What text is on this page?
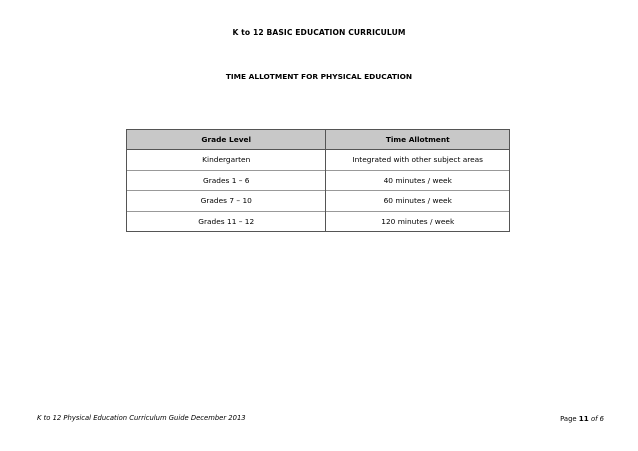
K to 12 BASIC EDUCATION CURRICULUM
TIME ALLOTMENT FOR PHYSICAL EDUCATION
Grade Level	Time Allotment
Kindergarten	Integrated with other subject areas
Grades 1 – 6	40 minutes / week
Grades 7 – 10	60 minutes / week
Grades 11 – 12	120 minutes / week
K to 12 Physical Education Curriculum Guide December 2013	Page 11 of 6
